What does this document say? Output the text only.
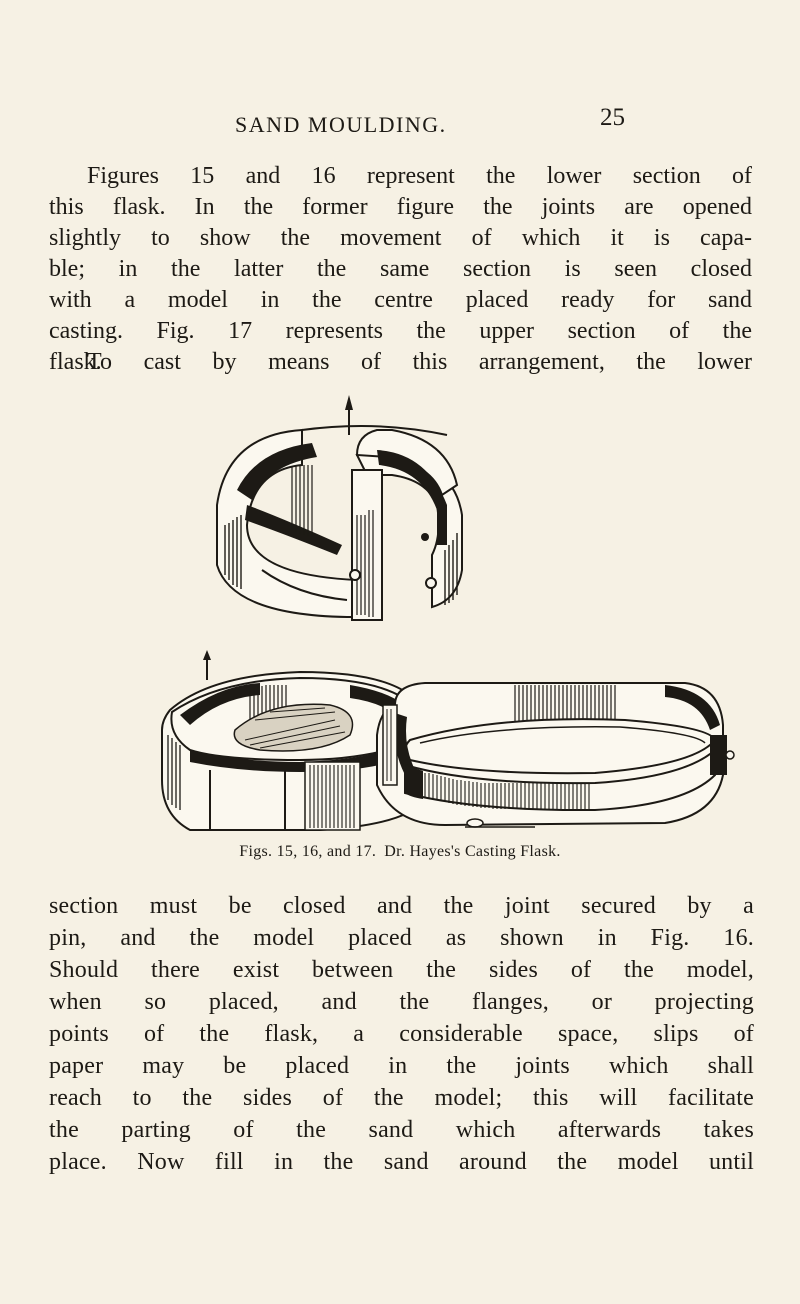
SAND MOULDING.	25
Figures 15 and 16 represent the lower section of
this flask. In the former figure the joints are opened
slightly to show the movement of which it is capa-
ble; in the latter the same section is seen closed
with a model in the centre placed ready for sand
casting. Fig. 17 represents the upper section of the
flask.
To cast by means of this arrangement, the lower
Figs. 15, 16, and 17. Dr. Hayes's Casting Flask.
section must be closed and the joint secured by a
pin, and the model placed as shown in Fig. 16.
Should there exist between the sides of the model,
when so placed, and the flanges, or projecting
points of the flask, a considerable space, slips of
paper may be placed in the joints which shall
reach to the sides of the model; this will facilitate
the parting of the sand which afterwards takes
place. Now fill in the sand around the model until
